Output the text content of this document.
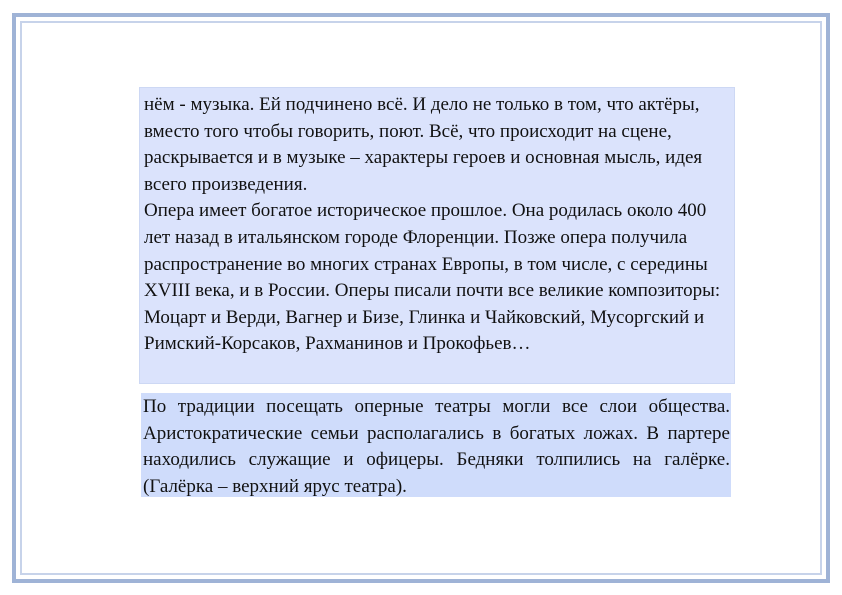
нём - музыка. Ей подчинено всё. И дело не только в том, что актёры, вместо того чтобы говорить, поют. Всё, что происходит на сцене, раскрывается и в музыке – характеры героев и основная мысль, идея всего произведения.

Опера имеет богатое историческое прошлое. Она родилась около 400 лет назад в итальянском городе Флоренции. Позже опера получила распространение во многих странах Европы, в том числе, с середины XVIII века, и в России. Оперы писали почти все великие композиторы: Моцарт и Верди, Вагнер и Бизе, Глинка и Чайковский, Мусоргский и Римский-Корсаков, Рахманинов и Прокофьев…

По традиции посещать оперные театры могли все слои общества. Аристократические семьи располагались в богатых ложах. В партере находились служащие и офицеры. Бедняки толпились на галёрке. (Галёрка – верхний ярус театра).
